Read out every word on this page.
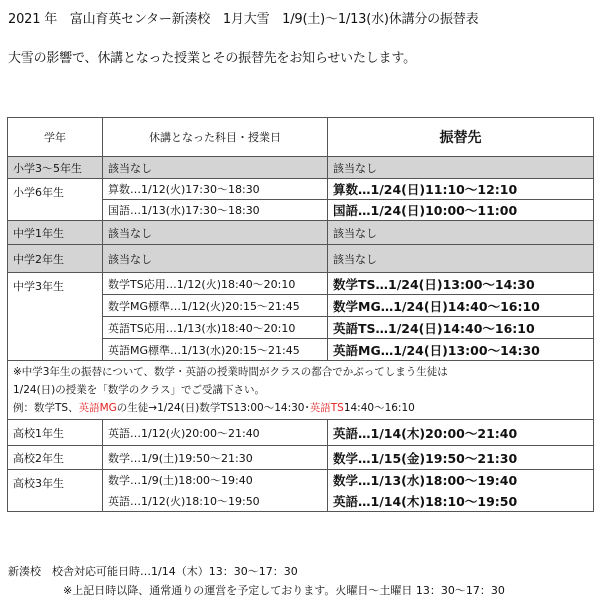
2021 年　富山育英センター新湊校　1月大雪　1/9(土)～1/13(水)休講分の振替表
大雪の影響で、休講となった授業とその振替先をお知らせいたします。
学年	休講となった科目・授業日	振替先
小学3～5年生	該当なし	該当なし
小学6年生	算数…1/12(火)17:30～18:30	算数…1/24(日)11:10～12:10
	国語…1/13(水)17:30～18:30	国語…1/24(日)10:00～11:00
中学1年生	該当なし	該当なし
中学2年生	該当なし	該当なし
中学3年生	数学TS応用…1/12(火)18:40～20:10	数学TS…1/24(日)13:00～14:30
	数学MG標準…1/12(火)20:15～21:45	数学MG…1/24(日)14:40～16:10
	英語TS応用…1/13(水)18:40～20:10	英語TS…1/24(日)14:40～16:10
	英語MG標準…1/13(水)20:15～21:45	英語MG…1/24(日)13:00～14:30

※中学3年生の振替について、数学・英語の授業時間がクラスの都合でかぶってしまう生徒は
1/24(日)の授業を「数学のクラス」でご受講下さい。
例：数学TS、英語MGの生徒→1/24(日)数学TS13:00～14:30･英語TS14:40～16:10		

高校1年生	英語…1/12(火)20:00～21:40	英語…1/14(木)20:00～21:40
高校2年生	数学…1/9(土)19:50～21:30	数学…1/15(金)19:50～21:30
高校3年生	数学…1/9(土)18:00～19:40	数学…1/13(水)18:00～19:40
	英語…1/12(火)18:10～19:50	英語…1/14(木)18:10～19:50
新湊校　校舎対応可能日時…1/14（木）13：30～17：30
※上記日時以降、通常通りの運営を予定しております。火曜日～土曜日 13：30～17：30
